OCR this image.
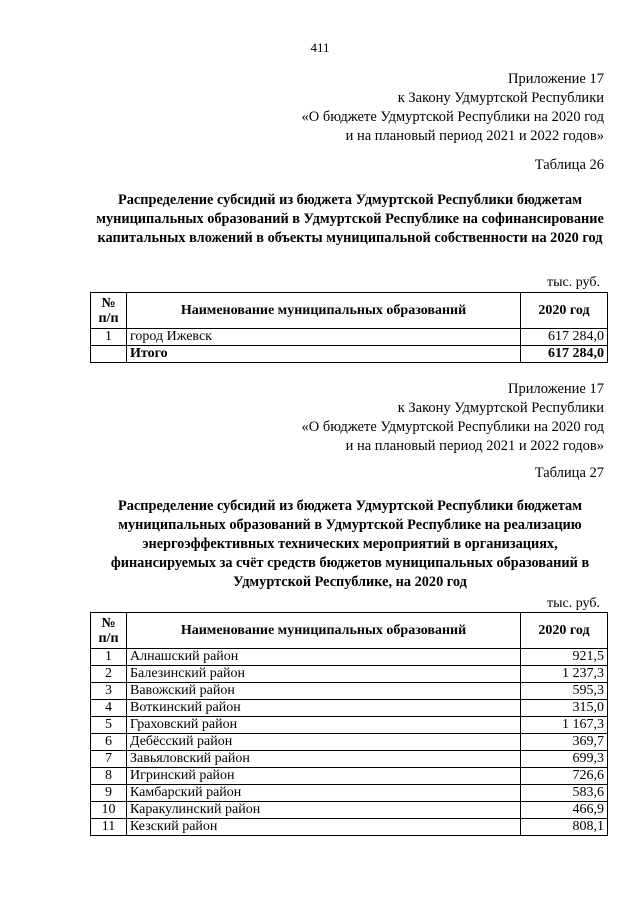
411
Приложение 17
к Закону Удмуртской Республики
«О бюджете Удмуртской Республики на 2020 год
и на плановый период 2021 и 2022 годов»
Таблица 26
Распределение субсидий из бюджета Удмуртской Республики бюджетам муниципальных образований в Удмуртской Республике на софинансирование капитальных вложений в объекты муниципальной собственности на 2020 год
тыс. руб.
№ п/п	Наименование муниципальных образований	2020 год
1	город Ижевск	617 284,0
	Итого	617 284,0
Приложение 17
к Закону Удмуртской Республики
«О бюджете Удмуртской Республики на 2020 год
и на плановый период 2021 и 2022 годов»
Таблица 27
Распределение субсидий из бюджета Удмуртской Республики бюджетам муниципальных образований в Удмуртской Республике на реализацию энергоэффективных технических мероприятий в организациях, финансируемых за счёт средств бюджетов муниципальных образований в Удмуртской Республике, на 2020 год
тыс. руб.
№ п/п	Наименование муниципальных образований	2020 год
1	Алнашский район	921,5
2	Балезинский район	1 237,3
3	Вавожский район	595,3
4	Воткинский район	315,0
5	Граховский район	1 167,3
6	Дебёсский район	369,7
7	Завьяловский район	699,3
8	Игринский район	726,6
9	Камбарский район	583,6
10	Каракулинский район	466,9
11	Кезский район	808,1
